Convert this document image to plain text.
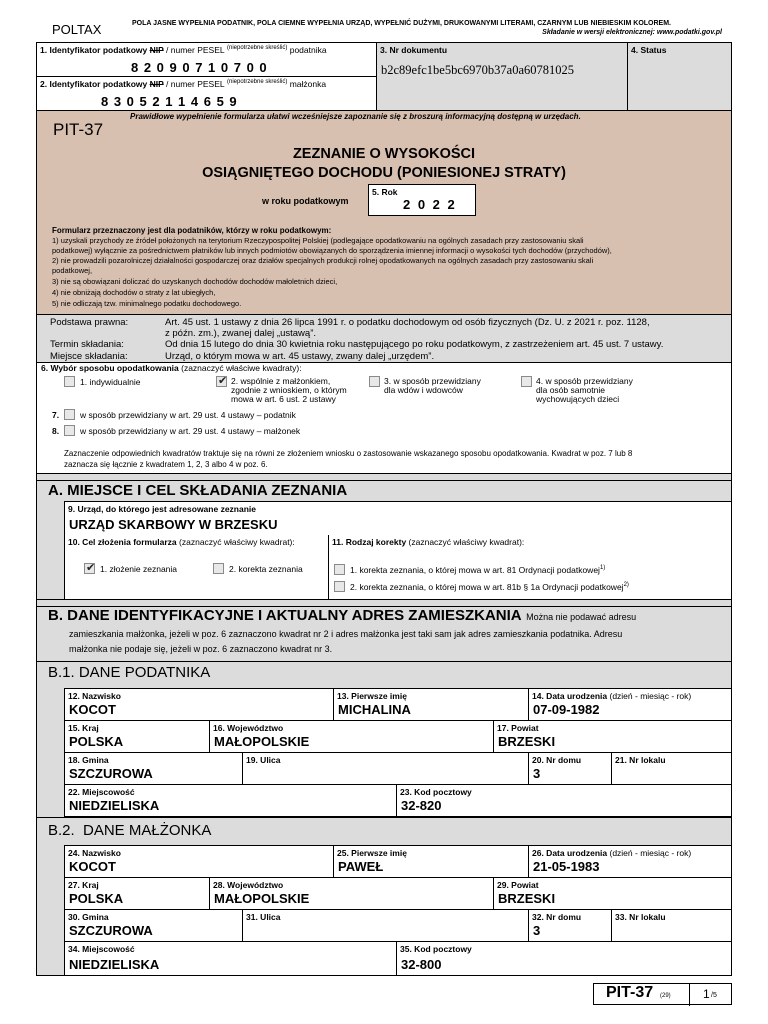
POLTAX	POLA JASNE WYPEŁNIA PODATNIK, POLA CIEMNE WYPEŁNIA URZĄD, WYPEŁNIĆ DUŻYMI, DRUKOWANYMI LITERAMI, CZARNYM LUB NIEBIESKIM KOLOREM.
Składanie w wersji elektronicznej: www.podatki.gov.pl
1. Identyfikator podatkowy NIP / numer PESEL $^{(niepotrzebne skreślić)}$ podatnika
8 2 0 9 0 7 1 0 7 0 0
2. Identyfikator podatkowy NIP / numer PESEL $^{(niepotrzebne skreślić)}$ małżonka
8 3 0 5 2 1 1 4 6 5 9
3. Nr dokumentu
b2c89efc1be5bc6970b37a0a60781025
4. Status
Prawidłowe wypełnienie formularza ułatwi wcześniejsze zapoznanie się z broszurą informacyjną dostępną w urzędach.
PIT-37
ZEZNANIE O WYSOKOŚCI
OSIĄGNIĘTEGO DOCHODU (PONIESIONEJ STRATY)
w roku podatkowym
5. Rok
2 0 2 2
Formularz przeznaczony jest dla podatników, którzy w roku podatkowym:
1) uzyskali przychody ze źródeł położonych na terytorium Rzeczypospolitej Polskiej (podlegające opodatkowaniu na ogólnych zasadach przy zastosowaniu skali
podatkowej) wyłącznie za pośrednictwem płatników lub innych podmiotów obowiązanych do sporządzenia imiennej informacji o wysokości tych dochodów (przychodów),
2) nie prowadzili pozarolniczej działalności gospodarczej oraz działów specjalnych produkcji rolnej opodatkowanych na ogólnych zasadach przy zastosowaniu skali
podatkowej,
3) nie są obowiązani doliczać do uzyskanych dochodów dochodów małoletnich dzieci,
4) nie obniżają dochodów o straty z lat ubiegłych,
5) nie odliczają tzw. minimalnego podatku dochodowego.
Podstawa prawna:	Art. 45 ust. 1 ustawy z dnia 26 lipca 1991 r. o podatku dochodowym od osób fizycznych (Dz. U. z 2021 r. poz. 1128,
z późn. zm.), zwanej dalej „ustawą”.
Termin składania:	Od dnia 15 lutego do dnia 30 kwietnia roku następującego po roku podatkowym, z zastrzeżeniem art. 45 ust. 7 ustawy.
Miejsce składania:	Urząd, o którym mowa w art. 45 ustawy, zwany dalej „urzędem”.
6. Wybór sposobu opodatkowania (zaznaczyć właściwe kwadraty):
1. indywidualnie
✔	2. wspólnie z małżonkiem,
zgodnie z wnioskiem, o którym
mowa w art. 6 ust. 2 ustawy
3. w sposób przewidziany
dla wdów i wdowców
4. w sposób przewidziany
dla osób samotnie
wychowujących dzieci
7. w sposób przewidziany w art. 29 ust. 4 ustawy – podatnik
8. w sposób przewidziany w art. 29 ust. 4 ustawy – małżonek
Zaznaczenie odpowiednich kwadratów traktuje się na równi ze złożeniem wniosku o zastosowanie wskazanego sposobu opodatkowania. Kwadrat w poz. 7 lub 8
zaznacza się łącznie z kwadratem 1, 2, 3 albo 4 w poz. 6.
A. MIEJSCE I CEL SKŁADANIA ZEZNANIA
9. Urząd, do którego jest adresowane zeznanie
URZĄD SKARBOWY W BRZESKU
10. Cel złożenia formularza (zaznaczyć właściwy kwadrat):
✔
1. złożenie zeznania	2. korekta zeznania
11. Rodzaj korekty (zaznaczyć właściwy kwadrat):
1. korekta zeznania, o której mowa w art. 81 Ordynacji podatkowej$^{1)}$
2. korekta zeznania, o której mowa w art. 81b § 1a Ordynacji podatkowej$^{2)}$
B. DANE IDENTYFIKACYJNE I AKTUALNY ADRES ZAMIESZKANIA Można nie podawać adresu
zamieszkania małżonka, jeżeli w poz. 6 zaznaczono kwadrat nr 2 i adres małżonka jest taki sam jak adres zamieszkania podatnika. Adresu
małżonka nie podaje się, jeżeli w poz. 6 zaznaczono kwadrat nr 3.
B.1. DANE PODATNIKA
12. Nazwisko
KOCOT
13. Pierwsze imię
MICHALINA
14. Data urodzenia (dzień - miesiąc - rok)
07-09-1982
15. Kraj
POLSKA
16. Województwo
MAŁOPOLSKIE
17. Powiat
BRZESKI
18. Gmina
SZCZUROWA
19. Ulica	20. Nr domu
3
21. Nr lokalu
22. Miejscowość
NIEDZIELISKA
23. Kod pocztowy
32-820
B.2.  DANE MAŁŻONKA
24. Nazwisko
KOCOT
25. Pierwsze imię
PAWEŁ
26. Data urodzenia (dzień - miesiąc - rok)
21-05-1983
27. Kraj
POLSKA
28. Województwo
MAŁOPOLSKIE
29. Powiat
BRZESKI
30. Gmina
SZCZUROWA
31. Ulica	32. Nr domu
3
33. Nr lokalu
34. Miejscowość
NIEDZIELISKA
35. Kod pocztowy
32-800
PIT-37 (29)	1 /5
